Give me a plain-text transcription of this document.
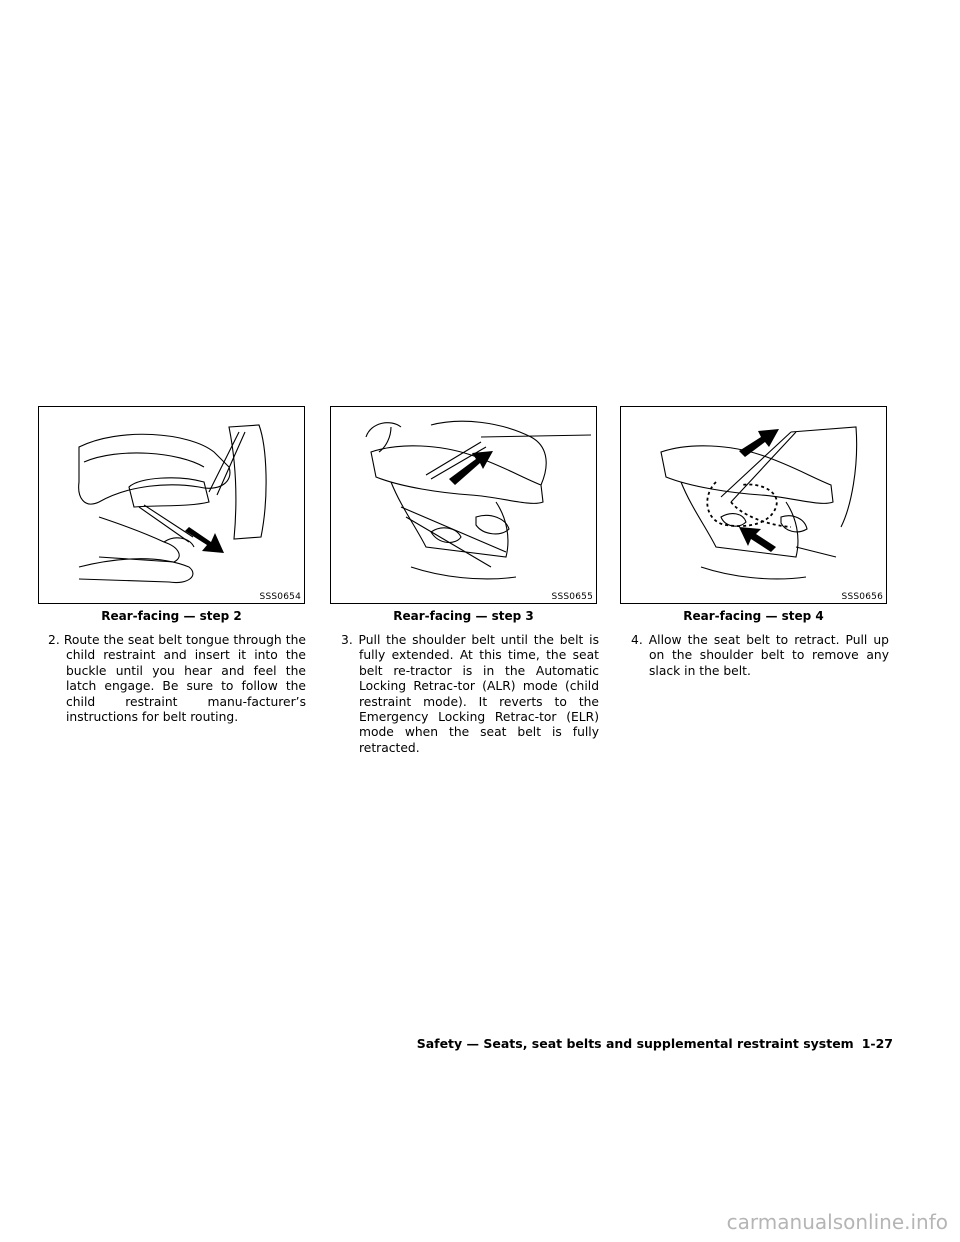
SSS0654
Rear-facing — step 2
SSS0655
Rear-facing — step 3
SSS0656
Rear-facing — step 4

2. Route the seat belt tongue through the child restraint and insert it into the buckle until you hear and feel the latch engage. Be sure to follow the child restraint manu-facturer’s instructions for belt routing.

3. Pull the shoulder belt until the belt is fully extended. At this time, the seat belt re-tractor is in the Automatic Locking Retrac-tor (ALR) mode (child restraint mode). It reverts to the Emergency Locking Retrac-tor (ELR) mode when the seat belt is fully retracted.

4. Allow the seat belt to retract. Pull up on the shoulder belt to remove any slack in the belt.

Safety — Seats, seat belts and supplemental restraint system 1-27
carmanualsonline.info
